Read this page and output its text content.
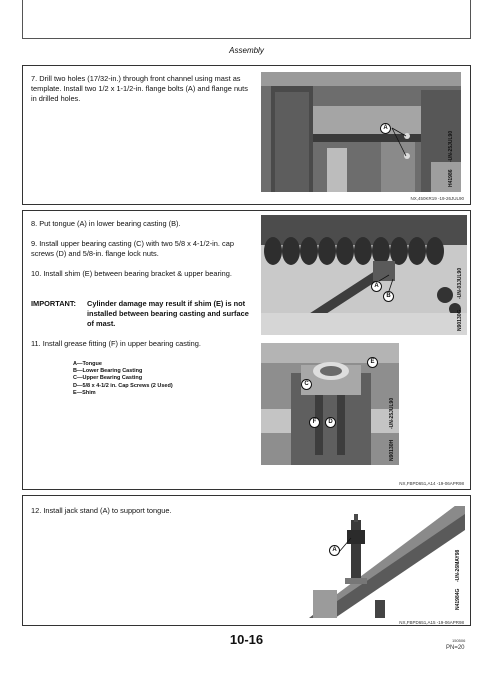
Assembly
7. Drill two holes (17/32-in.) through front channel using mast as template. Install two 1/2 x 1-1/2-in. flange bolts (A) and flange nuts in drilled holes.
A
H41986
-UN-25JUL90
NX,450KR19 -19-26JUL90
8. Put tongue (A) in lower bearing casting (B).
9. Install upper bearing casting (C) with two 5/8 x 4-1/2-in. cap screws (D) and 5/8-in. flange lock nuts.
10. Install shim (E) between bearing bracket & upper bearing.
IMPORTANT:	Cylinder damage may result if shim (E) is not installed between bearing casting and surface of mast.
11. Install grease fitting (F) in upper bearing casting.
A—Tongue
B—Lower Bearing Casting
C—Upper Bearing Casting
D—5/8 x 4-1/2 in. Cap Screws (2 Used)
E—Shim
A
B
N90130G
-UN-03JUL90
C
E
D
F
N90130H
-UN-25JUL90
NX,FBPD651,A14 -19-06APR98
12. Install jack stand (A) to support tongue.
A
N41984G
-UN-26MAY98
NX,FBPD651,A15 -19-06APR98
10-16	150506
PN=20
